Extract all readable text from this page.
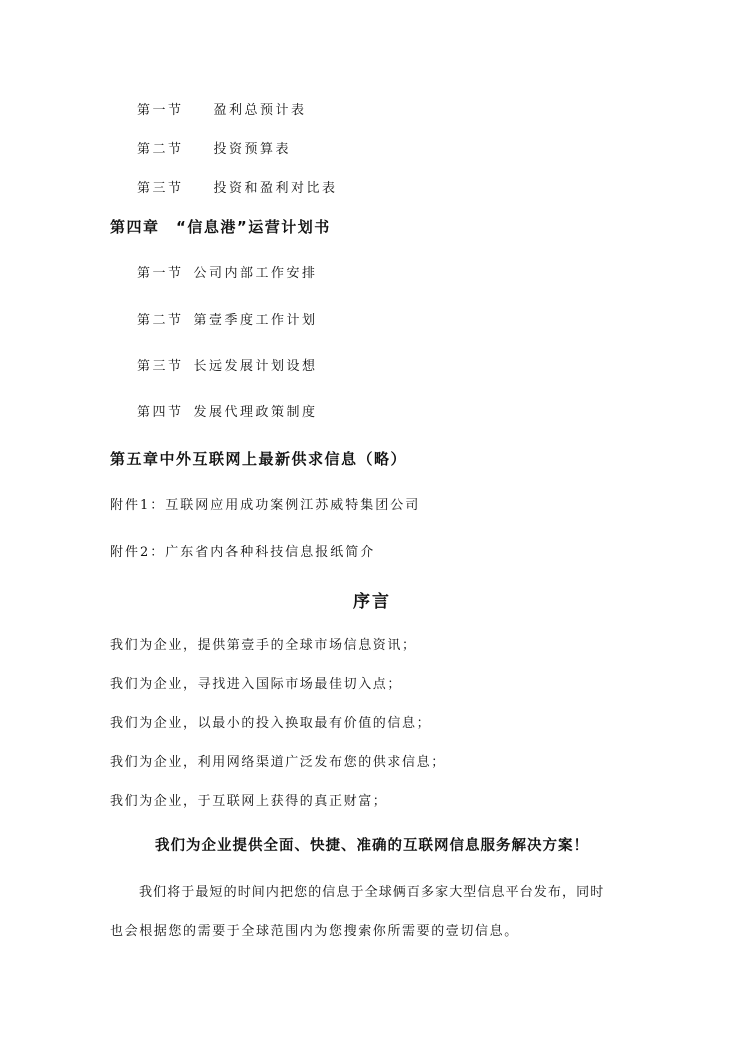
第一节 盈利总预计表
第二节 投资预算表
第三节 投资和盈利对比表
第四章　“信息港”运营计划书
第一节 公司内部工作安排
第二节 第壹季度工作计划
第三节 长远发展计划设想
第四节 发展代理政策制度
第五章中外互联网上最新供求信息（略）
附件1：互联网应用成功案例江苏威特集团公司
附件2：广东省内各种科技信息报纸简介
序言
我们为企业，提供第壹手的全球市场信息资讯；
我们为企业，寻找进入国际市场最佳切入点；
我们为企业，以最小的投入换取最有价值的信息；
我们为企业，利用网络渠道广泛发布您的供求信息；
我们为企业，于互联网上获得的真正财富；
我们为企业提供全面、快捷、准确的互联网信息服务解决方案！
我们将于最短的时间内把您的信息于全球俩百多家大型信息平台发布，同时
也会根据您的需要于全球范围内为您搜索你所需要的壹切信息。
